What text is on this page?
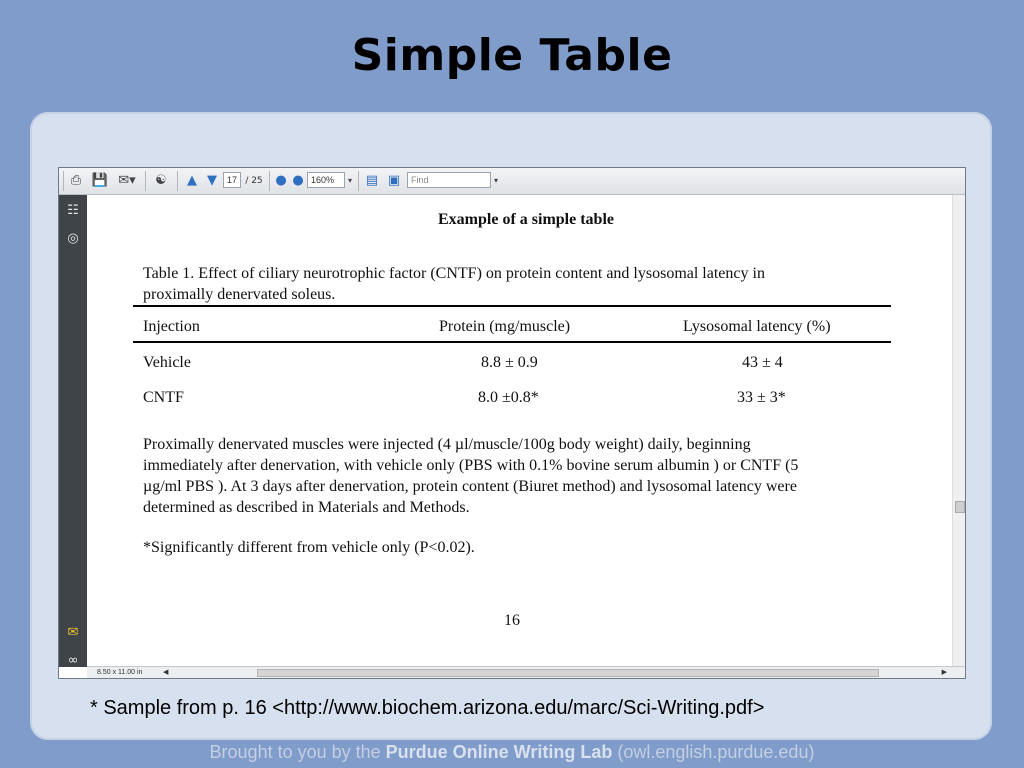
Simple Table
⎙ 💾 ✉▾	☯	▲ ▼	17 / 25 ● ● 160%	▾ ▤ ▣	Find	▾
☷
◎
✉
∞
Example of a simple table
Table 1. Effect of ciliary neurotrophic factor (CNTF) on protein content and lysosomal latency in
proximally denervated soleus.
Injection	Protein (mg/muscle)	Lysosomal latency (%)
Vehicle	8.8 ± 0.9	43 ± 4
CNTF	8.0 ±0.8*	33 ± 3*
Proximally denervated muscles were injected (4 µl/muscle/100g body weight) daily, beginning
immediately after denervation, with vehicle only (PBS with 0.1% bovine serum albumin ) or CNTF (5
µg/ml PBS ). At 3 days after denervation, protein content (Biuret method) and lysosomal latency were
determined as described in Materials and Methods.
*Significantly different from vehicle only (P<0.02).
16
8.50 x 11.00 in	◀	▶
* Sample from p. 16 <http://www.biochem.arizona.edu/marc/Sci-Writing.pdf>
Brought to you by the Purdue Online Writing Lab (owl.english.purdue.edu)
